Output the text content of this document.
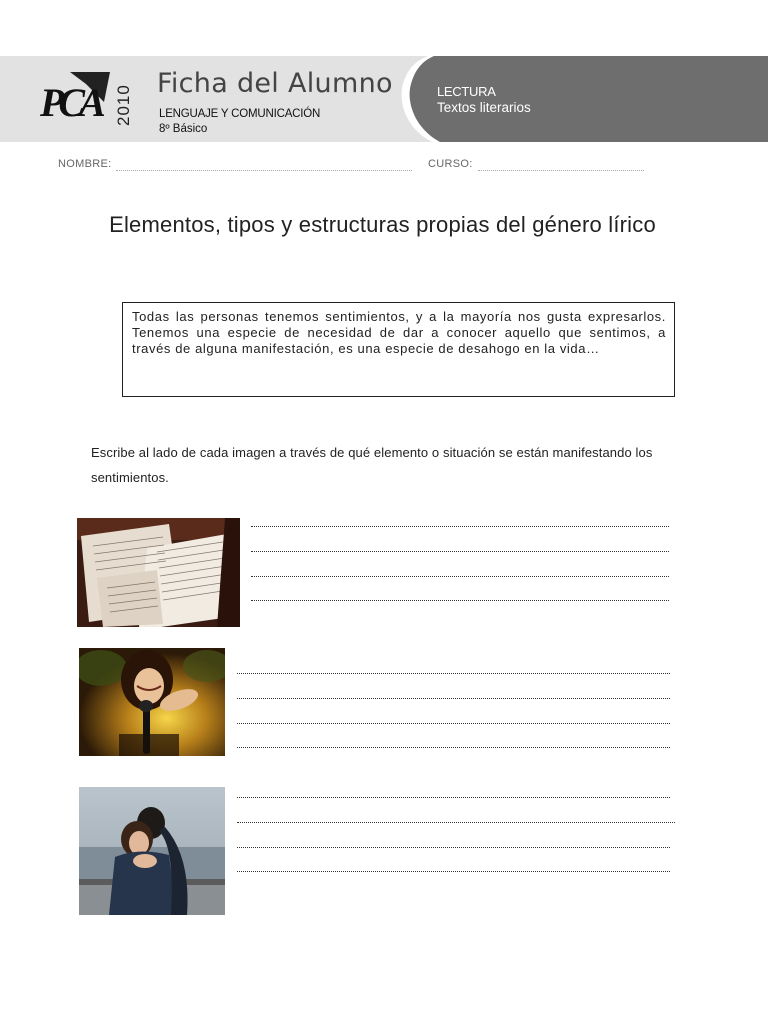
PCA 2010
Ficha del Alumno
LENGUAJE Y COMUNICACIÓN
8º Básico
LECTURA
Textos literarios
NOMBRE:	CURSO:
Elementos, tipos y estructuras propias del género lírico
Todas las personas tenemos sentimientos, y a la mayoría nos gusta expresarlos. Tenemos una especie de necesidad de dar a conocer aquello que sentimos, a través de alguna manifestación, es una especie de desahogo en la vida…
Escribe al lado de cada imagen a través de qué elemento o situación se están manifestando los sentimientos.
